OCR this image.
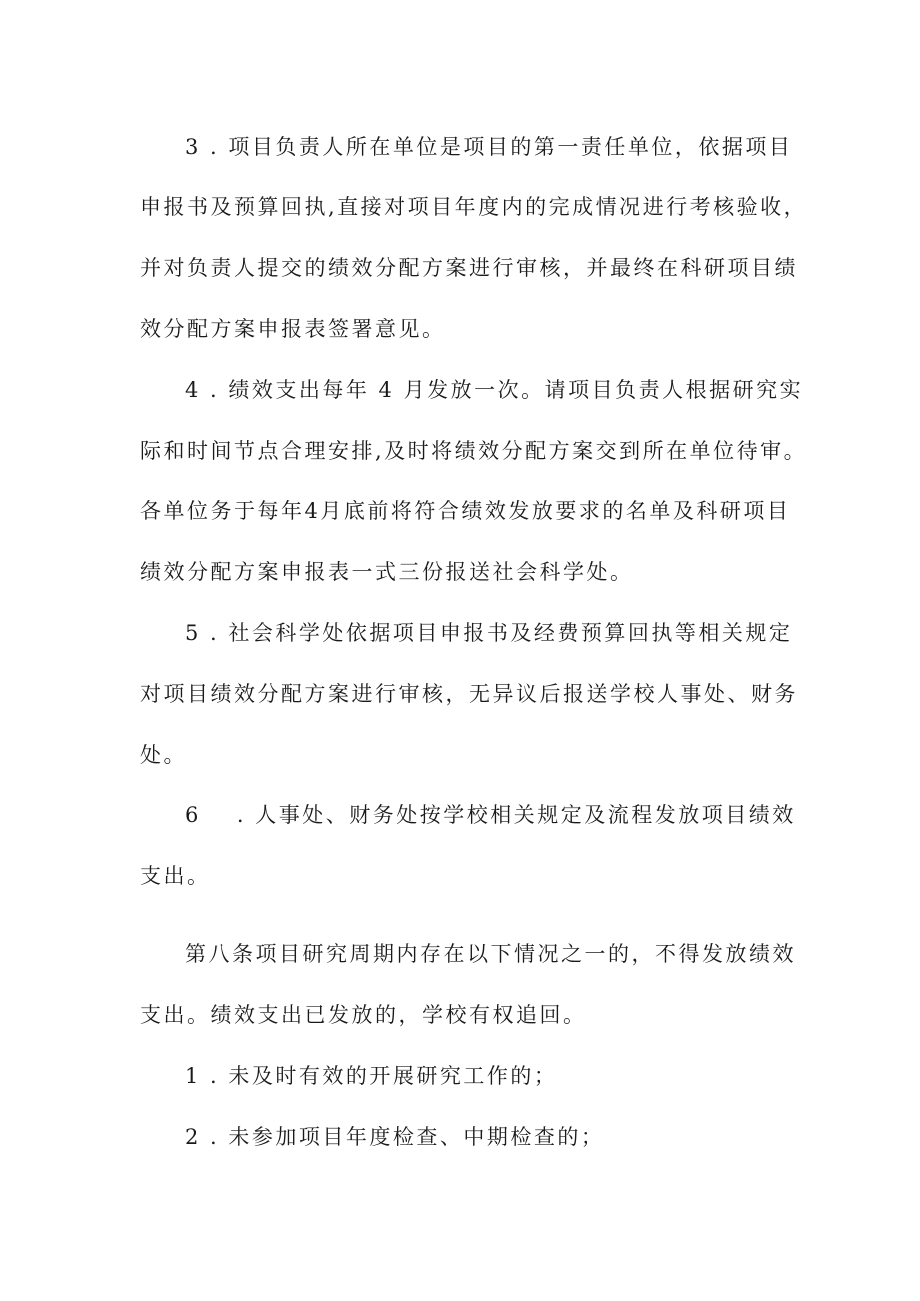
3 . 项目负责人所在单位是项目的第一责任单位，依据项目
申报书及预算回执,直接对项目年度内的完成情况进行考核验收，
并对负责人提交的绩效分配方案进行审核，并最终在科研项目绩
效分配方案申报表签署意见。
4 . 绩效支出每年 4 月发放一次。请项目负责人根据研究实
际和时间节点合理安排,及时将绩效分配方案交到所在单位待审。
各单位务于每年4月底前将符合绩效发放要求的名单及科研项目
绩效分配方案申报表一式三份报送社会科学处。
5 . 社会科学处依据项目申报书及经费预算回执等相关规定
对项目绩效分配方案进行审核，无异议后报送学校人事处、财务
处。
6 . 人事处、财务处按学校相关规定及流程发放项目绩效
支出。
第八条项目研究周期内存在以下情况之一的，不得发放绩效
支出。绩效支出已发放的，学校有权追回。
1 . 未及时有效的开展研究工作的；
2 . 未参加项目年度检查、中期检查的；
